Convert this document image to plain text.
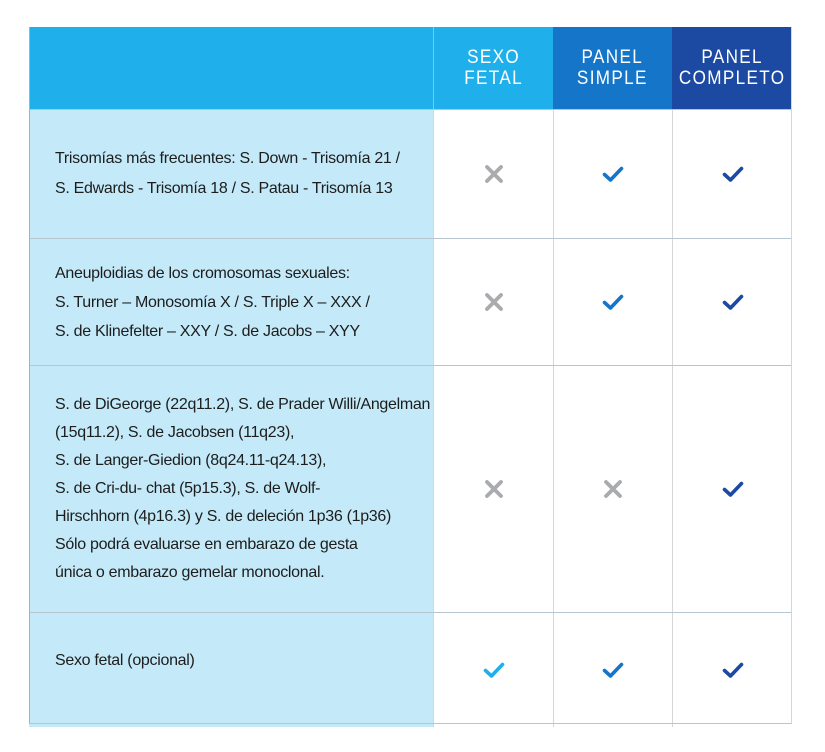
SEXO
FETAL
PANEL
SIMPLE
PANEL
COMPLETO
Trisomías más frecuentes: S. Down - Trisomía 21 /
S. Edwards - Trisomía 18 / S. Patau - Trisomía 13
Aneuploidias de los cromosomas sexuales:
S. Turner – Monosomía X / S. Triple X – XXX /
S. de Klinefelter – XXY / S. de Jacobs – XYY
S. de DiGeorge (22q11.2), S. de Prader Willi/Angelman
(15q11.2), S. de Jacobsen (11q23),
S. de Langer-Giedion (8q24.11-q24.13),
S. de Cri-du- chat (5p15.3), S. de Wolf-
Hirschhorn (4p16.3) y S. de deleción 1p36 (1p36)
Sólo podrá evaluarse en embarazo de gesta
única o embarazo gemelar monoclonal.
Sexo fetal (opcional)
